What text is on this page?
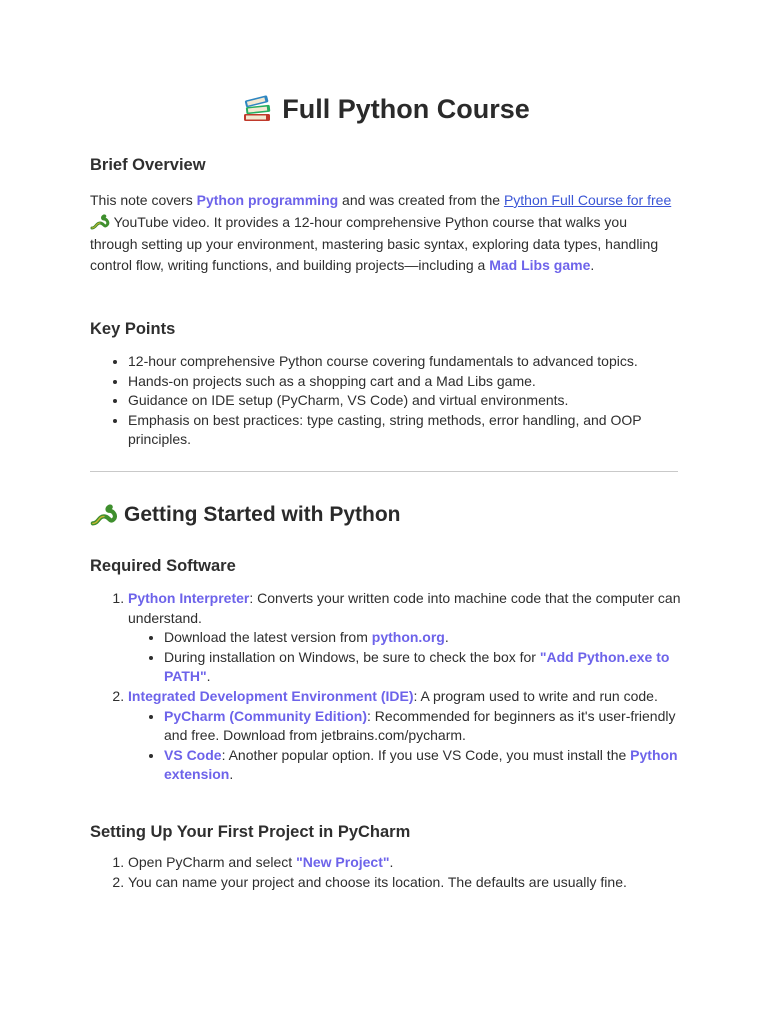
Full Python Course
Brief Overview
This note covers Python programming and was created from the Python Full Course for free  YouTube video. It provides a 12-hour comprehensive Python course that walks you through setting up your environment, mastering basic syntax, exploring data types, handling control flow, writing functions, and building projects—including a Mad Libs game.
Key Points
• 12-hour comprehensive Python course covering fundamentals to advanced topics.
• Hands-on projects such as a shopping cart and a Mad Libs game.
• Guidance on IDE setup (PyCharm, VS Code) and virtual environments.
• Emphasis on best practices: type casting, string methods, error handling, and OOP principles.
Getting Started with Python
Required Software
1. Python Interpreter: Converts your written code into machine code that the computer can understand.
• Download the latest version from python.org.
• During installation on Windows, be sure to check the box for "Add Python.exe to PATH".
2. Integrated Development Environment (IDE): A program used to write and run code.
• PyCharm (Community Edition): Recommended for beginners as it's user-friendly and free. Download from jetbrains.com/pycharm.
• VS Code: Another popular option. If you use VS Code, you must install the Python extension.
Setting Up Your First Project in PyCharm
1. Open PyCharm and select "New Project".
2. You can name your project and choose its location. The defaults are usually fine.
